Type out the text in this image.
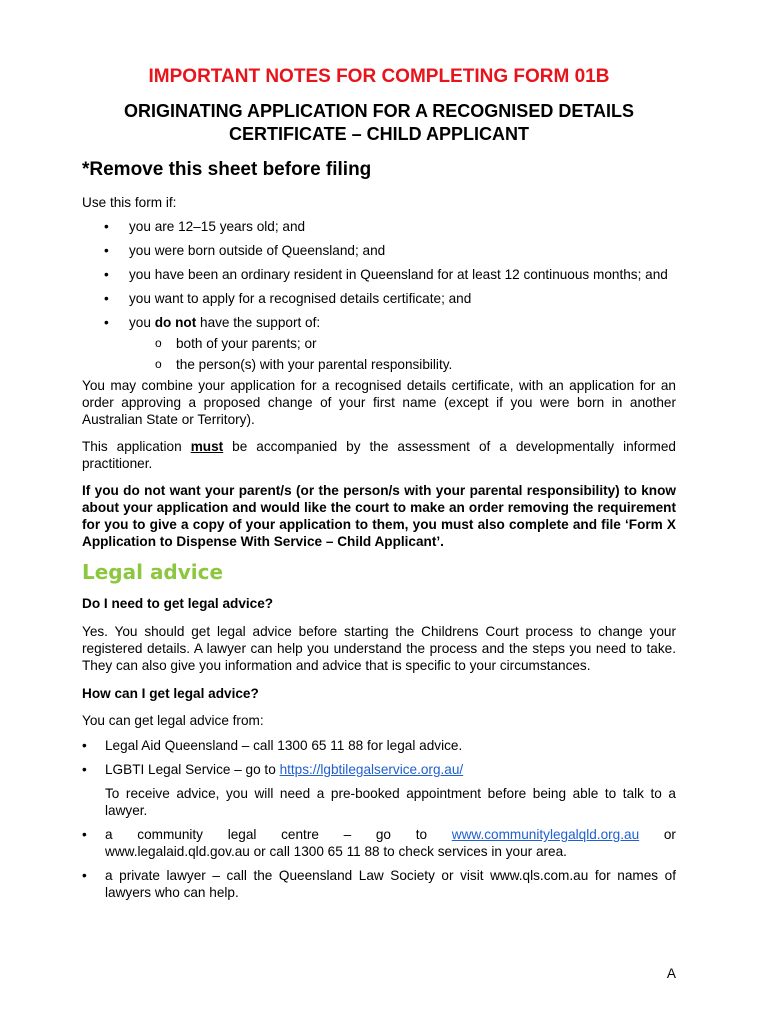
IMPORTANT NOTES FOR COMPLETING FORM 01B
ORIGINATING APPLICATION FOR A RECOGNISED DETAILS
CERTIFICATE – CHILD APPLICANT
*Remove this sheet before filing

Use this form if:

• you are 12–15 years old; and
• you were born outside of Queensland; and
• you have been an ordinary resident in Queensland for at least 12 continuous months; and
• you want to apply for a recognised details certificate; and
• you do not have the support of:
o both of your parents; or
o the person(s) with your parental responsibility.

You may combine your application for a recognised details certificate, with an application for an order approving a proposed change of your first name (except if you were born in another Australian State or Territory).

This application must be accompanied by the assessment of a developmentally informed practitioner.

If you do not want your parent/s (or the person/s with your parental responsibility) to know about your application and would like the court to make an order removing the requirement for you to give a copy of your application to them, you must also complete and file ‘Form X Application to Dispense With Service – Child Applicant’.

Legal advice

Do I need to get legal advice?

Yes. You should get legal advice before starting the Childrens Court process to change your registered details. A lawyer can help you understand the process and the steps you need to take. They can also give you information and advice that is specific to your circumstances.

How can I get legal advice?

You can get legal advice from:

• Legal Aid Queensland – call 1300 65 11 88 for legal advice.
• LGBTI Legal Service – go to https://lgbtilegalservice.org.au/

To receive advice, you will need a pre-booked appointment before being able to talk to a lawyer.

• a community legal centre – go to www.communitylegalqld.org.au or
www.legalaid.qld.gov.au or call 1300 65 11 88 to check services in your area.
• a private lawyer – call the Queensland Law Society or visit www.qls.com.au for names of lawyers who can help.
A
